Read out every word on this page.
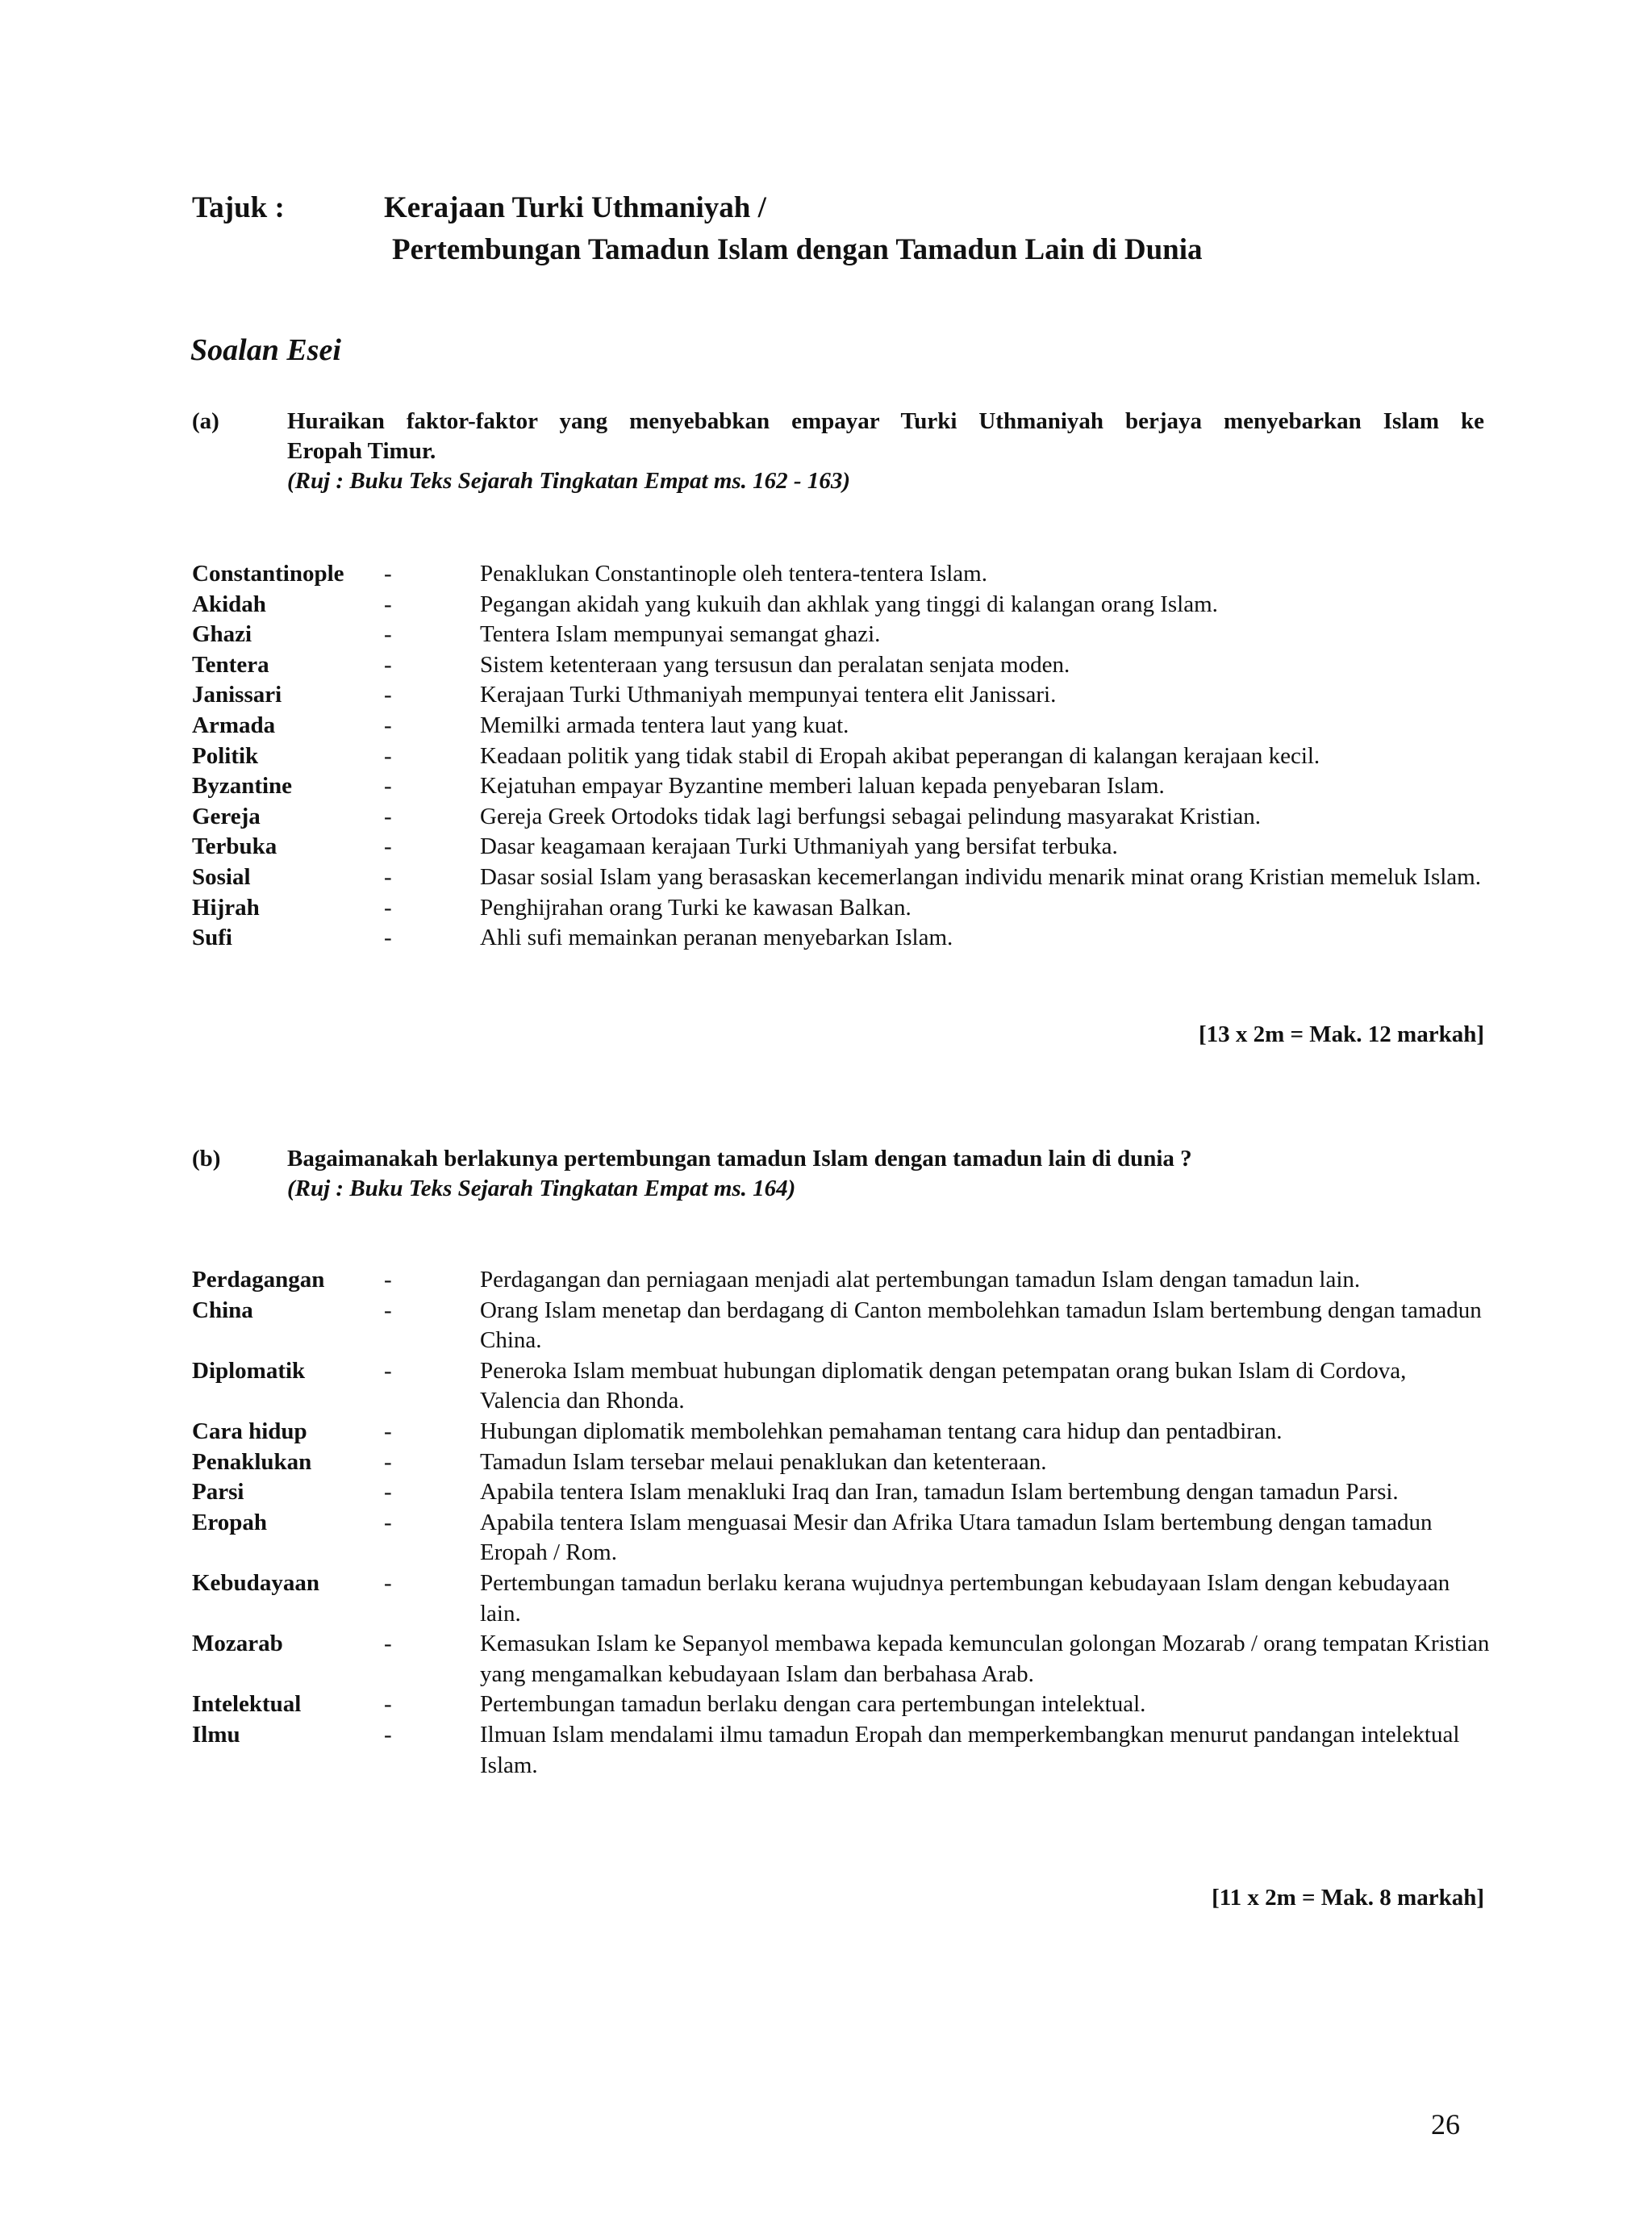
Tajuk :	Kerajaan Turki Uthmaniyah /
Pertembungan Tamadun Islam dengan Tamadun Lain di Dunia
Soalan Esei
(a)	Huraikan faktor-faktor yang menyebabkan empayar Turki Uthmaniyah berjaya menyebarkan Islam ke
Eropah Timur.
(Ruj : Buku Teks Sejarah Tingkatan Empat ms. 162 - 163)
Constantinople -	Penaklukan Constantinople oleh tentera-tentera Islam.
Akidah	-	Pegangan akidah yang kukuih dan akhlak yang tinggi di kalangan orang Islam.
Ghazi	-	Tentera Islam mempunyai semangat ghazi.
Tentera	-	Sistem ketenteraan yang tersusun dan peralatan senjata moden.
Janissari	-	Kerajaan Turki Uthmaniyah mempunyai tentera elit Janissari.
Armada	-	Memilki armada tentera laut yang kuat.
Politik	-	Keadaan politik yang tidak stabil di Eropah akibat peperangan di kalangan kerajaan kecil.
Byzantine	-	Kejatuhan empayar Byzantine memberi laluan kepada penyebaran Islam.
Gereja	-	Gereja Greek Ortodoks tidak lagi berfungsi sebagai pelindung masyarakat Kristian.
Terbuka	-	Dasar keagamaan kerajaan Turki Uthmaniyah yang bersifat terbuka.
Sosial	-	Dasar sosial Islam yang berasaskan kecemerlangan individu menarik minat orang Kristian memeluk Islam.
Hijrah	-	Penghijrahan orang Turki ke kawasan Balkan.
Sufi	-	Ahli sufi memainkan peranan menyebarkan Islam.
[13 x 2m = Mak. 12 markah]
(b)	Bagaimanakah berlakunya pertembungan tamadun Islam dengan tamadun lain di dunia ?
(Ruj : Buku Teks Sejarah Tingkatan Empat ms. 164)
Perdagangan	-	Perdagangan dan perniagaan menjadi alat pertembungan tamadun Islam dengan tamadun lain.
China	-	Orang Islam menetap dan berdagang di Canton membolehkan tamadun Islam bertembung dengan tamadun China.
Diplomatik	-	Peneroka Islam membuat hubungan diplomatik dengan petempatan orang bukan Islam di Cordova, Valencia dan Rhonda.
Cara hidup	-	Hubungan diplomatik membolehkan pemahaman tentang cara hidup dan pentadbiran.
Penaklukan	-	Tamadun Islam tersebar melaui penaklukan dan ketenteraan.
Parsi	-	Apabila tentera Islam menakluki Iraq dan Iran, tamadun Islam bertembung dengan tamadun Parsi.
Eropah	-	Apabila tentera Islam menguasai Mesir dan Afrika Utara tamadun Islam bertembung dengan tamadun Eropah / Rom.
Kebudayaan	-	Pertembungan tamadun berlaku kerana wujudnya pertembungan kebudayaan Islam dengan kebudayaan lain.
Mozarab	-	Kemasukan Islam ke Sepanyol membawa kepada kemunculan golongan Mozarab / orang tempatan Kristian yang mengamalkan kebudayaan Islam dan berbahasa Arab.
Intelektual	-	Pertembungan tamadun berlaku dengan cara pertembungan intelektual.
Ilmu	-	Ilmuan Islam mendalami ilmu tamadun Eropah dan memperkembangkan menurut pandangan intelektual Islam.
[11 x 2m = Mak. 8 markah]
26
